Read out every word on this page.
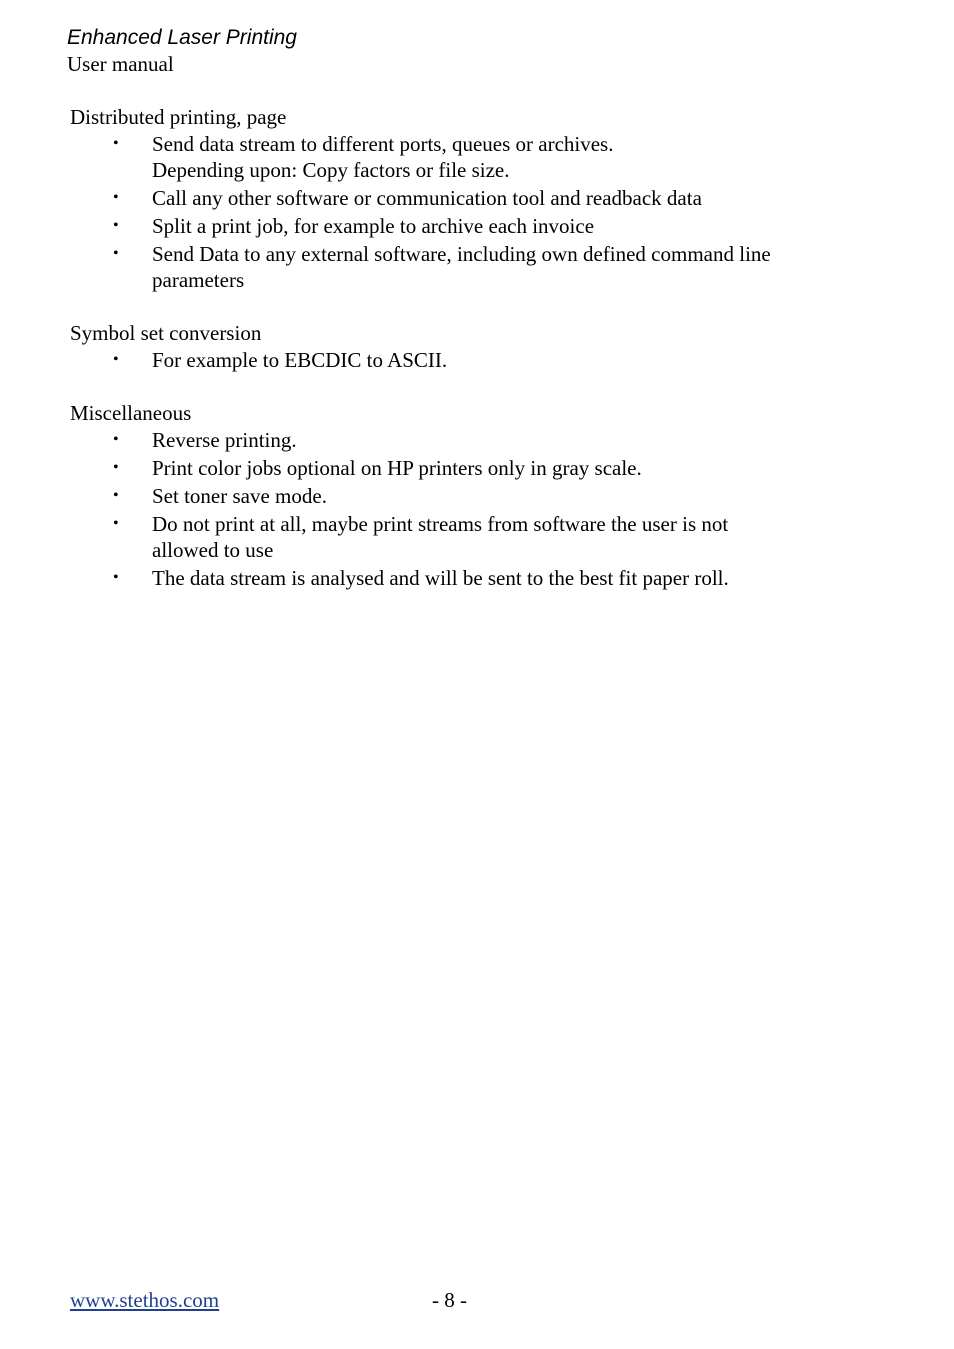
Enhanced Laser Printing
User manual
Distributed printing, page
• Send data stream to different ports, queues or archives.
Depending upon: Copy factors or file size.
• Call any other software or communication tool and readback data
• Split a print job, for example to archive each invoice
• Send Data to any external software, including own defined command line
parameters
Symbol set conversion
• For example to EBCDIC to ASCII.
Miscellaneous
• Reverse printing.
• Print color jobs optional on HP printers only in gray scale.
• Set toner save mode.
• Do not print at all, maybe print streams from software the user is not
allowed to use
• The data stream is analysed and will be sent to the best fit paper roll.
www.stethos.com	- 8 -
